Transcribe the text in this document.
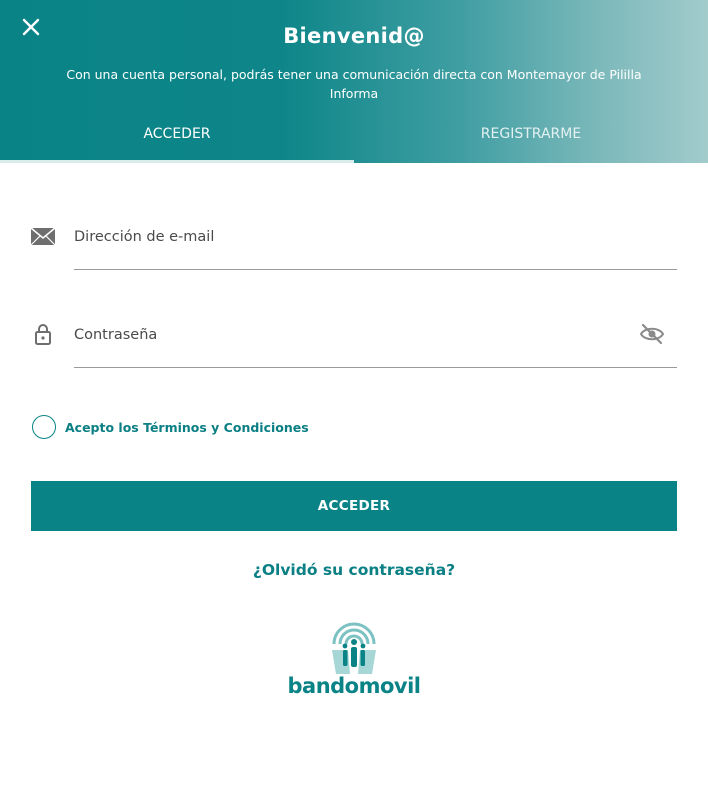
Bienvenid@
Con una cuenta personal, podrás tener una comunicación directa con Montemayor de Pililla Informa
ACCEDER	REGISTRARME
Dirección de e-mail
Acepto los Términos y Condiciones
ACCEDER
¿Olvidó su contraseña?
bandomovil
